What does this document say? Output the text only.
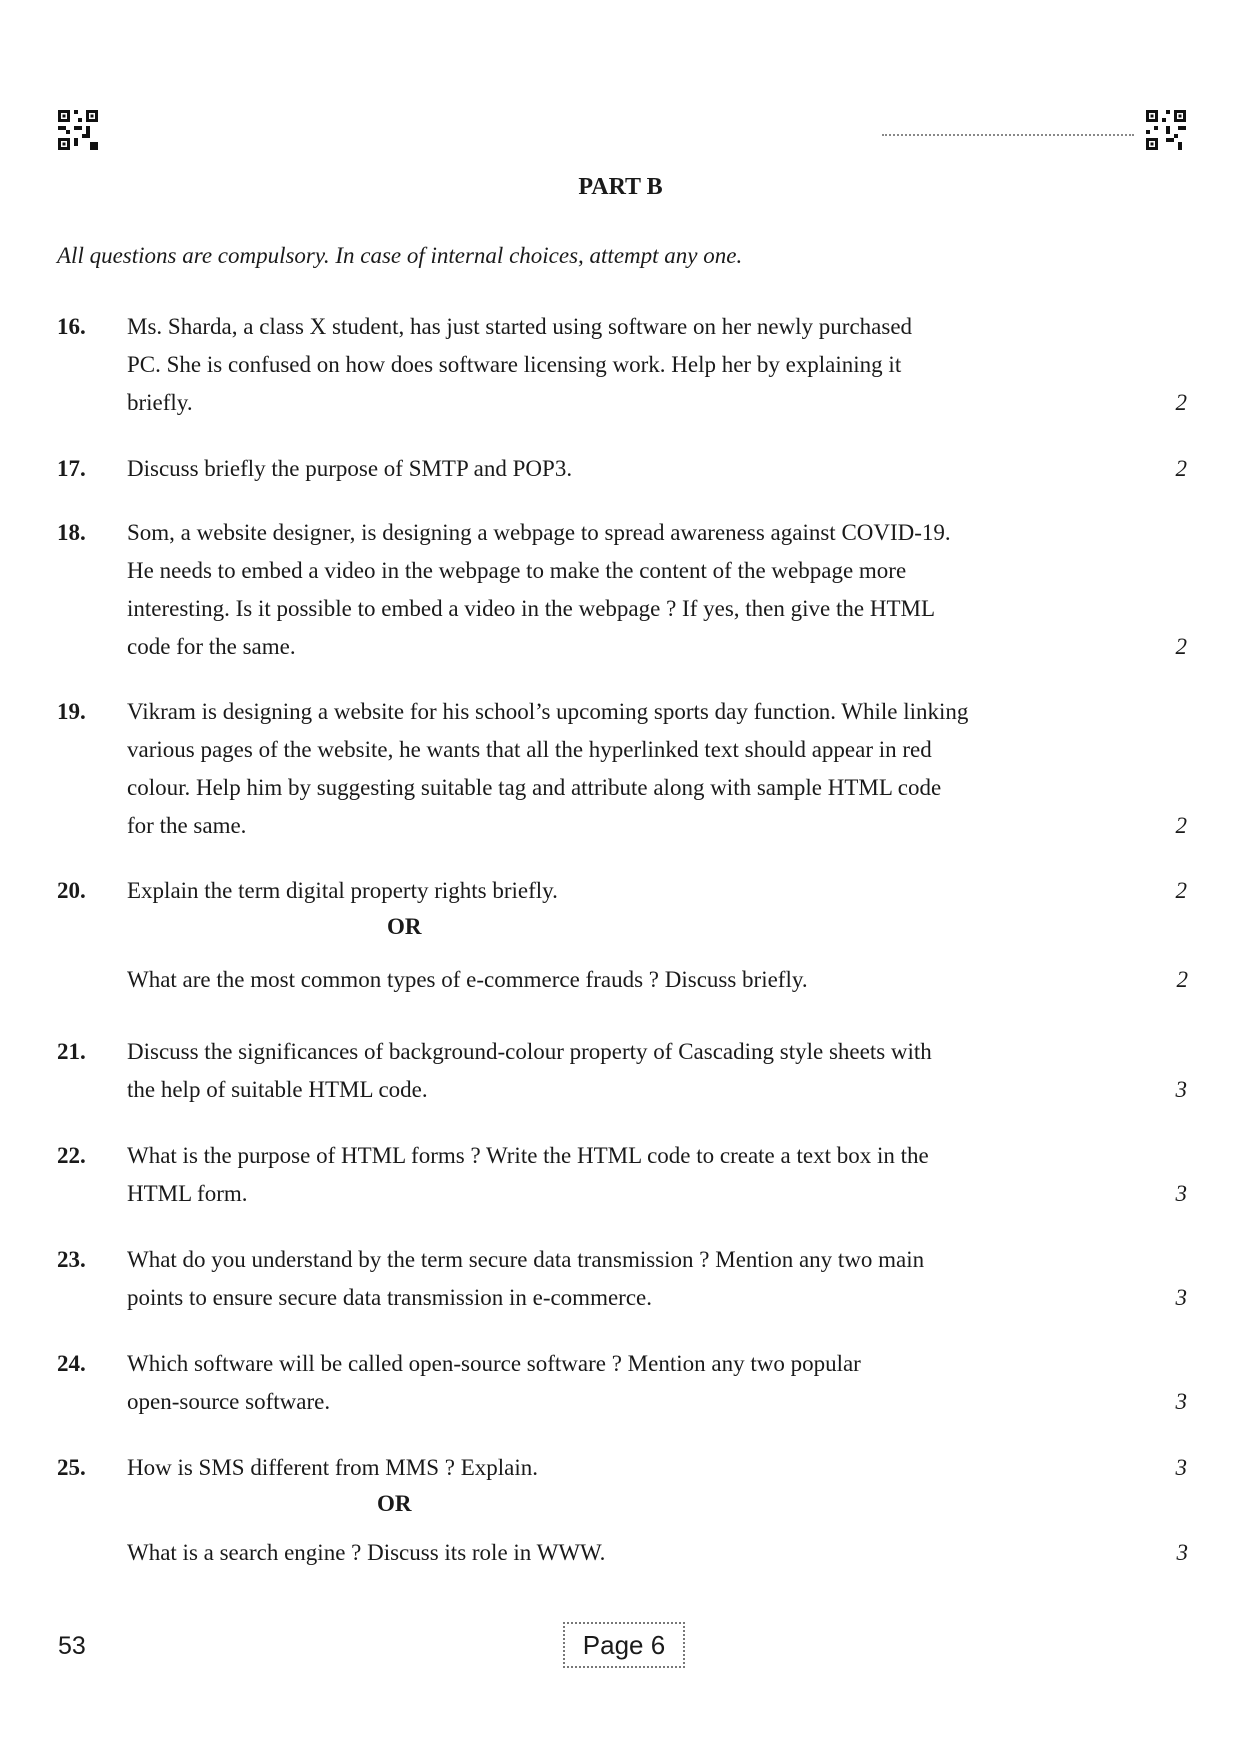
PART B
All questions are compulsory. In case of internal choices, attempt any one.
16.	Ms. Sharda, a class X student, has just started using software on her newly purchased

PC. She is confused on how does software licensing work. Help her by explaining it

briefly.	2
17.	Discuss briefly the purpose of SMTP and POP3.	2
18.	Som, a website designer, is designing a webpage to spread awareness against COVID-19.

He needs to embed a video in the webpage to make the content of the webpage more

interesting. Is it possible to embed a video in the webpage ? If yes, then give the HTML

code for the same.	2
19.	Vikram is designing a website for his school’s upcoming sports day function. While linking

various pages of the website, he wants that all the hyperlinked text should appear in red

colour. Help him by suggesting suitable tag and attribute along with sample HTML code

for the same.	2
20.	Explain the term digital property rights briefly.	2
OR
What are the most common types of e-commerce frauds ? Discuss briefly.	2
21.	Discuss the significances of background-colour property of Cascading style sheets with

the help of suitable HTML code.	3
22.	What is the purpose of HTML forms ? Write the HTML code to create a text box in the

HTML form.	3
23.	What do you understand by the term secure data transmission ? Mention any two main

points to ensure secure data transmission in e-commerce.	3
24.	Which software will be called open-source software ? Mention any two popular

open-source software.	3
25.	How is SMS different from MMS ? Explain.	3
OR
What is a search engine ? Discuss its role in WWW.	3
53	Page 6
